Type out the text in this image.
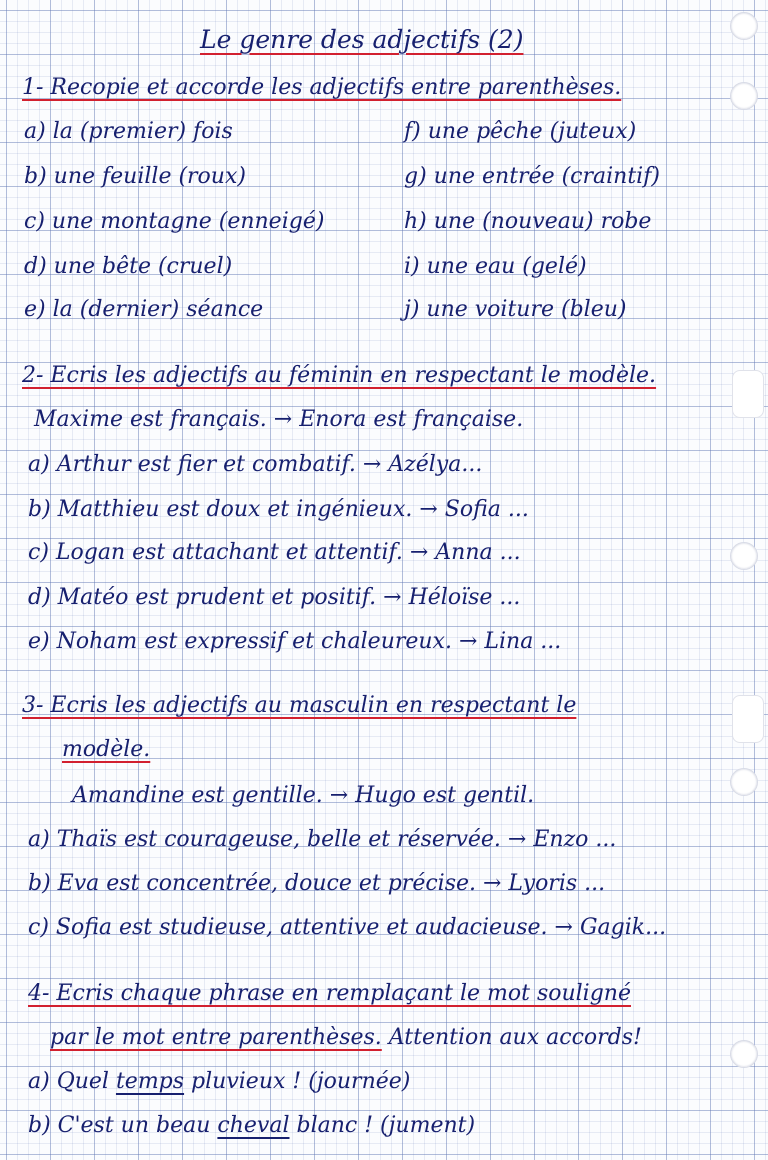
Le genre des adjectifs (2)
1- Recopie et accorde les adjectifs entre parenthèses.
a) la (premier) fois
b) une feuille (roux)
c) une montagne (enneigé)
d) une bête (cruel)
e) la (dernier) séance
f) une pêche (juteux)
g) une entrée (craintif)
h) une (nouveau) robe
i) une eau (gelé)
j) une voiture (bleu)
2- Ecris les adjectifs au féminin en respectant le modèle.
Maxime est français. → Enora est française.
a) Arthur est fier et combatif. → Azélya...
b) Matthieu est doux et ingénieux. → Sofia ...
c) Logan est attachant et attentif. → Anna ...
d) Matéo est prudent et positif. → Héloïse ...
e) Noham est expressif et chaleureux. → Lina ...
3- Ecris les adjectifs au masculin en respectant le
modèle.
Amandine est gentille. → Hugo est gentil.
a) Thaïs est courageuse, belle et réservée. → Enzo ...
b) Eva est concentrée, douce et précise. → Lyoris ...
c) Sofia est studieuse, attentive et audacieuse. → Gagik...
4- Ecris chaque phrase en remplaçant le mot souligné
par le mot entre parenthèses. Attention aux accords!
a) Quel temps pluvieux ! (journée)
b) C'est un beau cheval blanc ! (jument)
